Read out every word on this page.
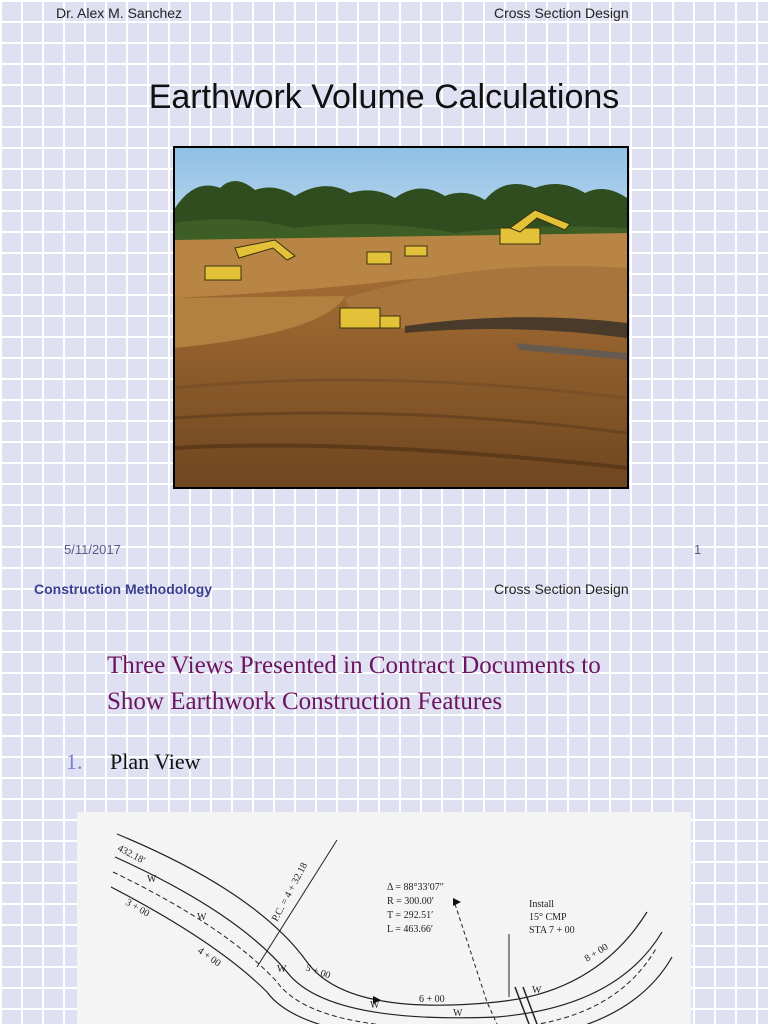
Dr. Alex M. Sanchez	Cross Section Design
Earthwork Volume Calculations
5/11/2017	1
Construction Methodology	Cross Section Design
Three Views Presented in Contract Documents to
Show Earthwork Construction Features
1. Plan View
Δ = 88°33′07″
R = 300.00′
T = 292.51′
L = 463.66′
Install
15° CMP
STA 7 + 00
P.C. = 4 + 32.18
432.18′
3 + 00
4 + 00
5 + 00
6 + 00
8 + 00
W
W
W
W
W
W
